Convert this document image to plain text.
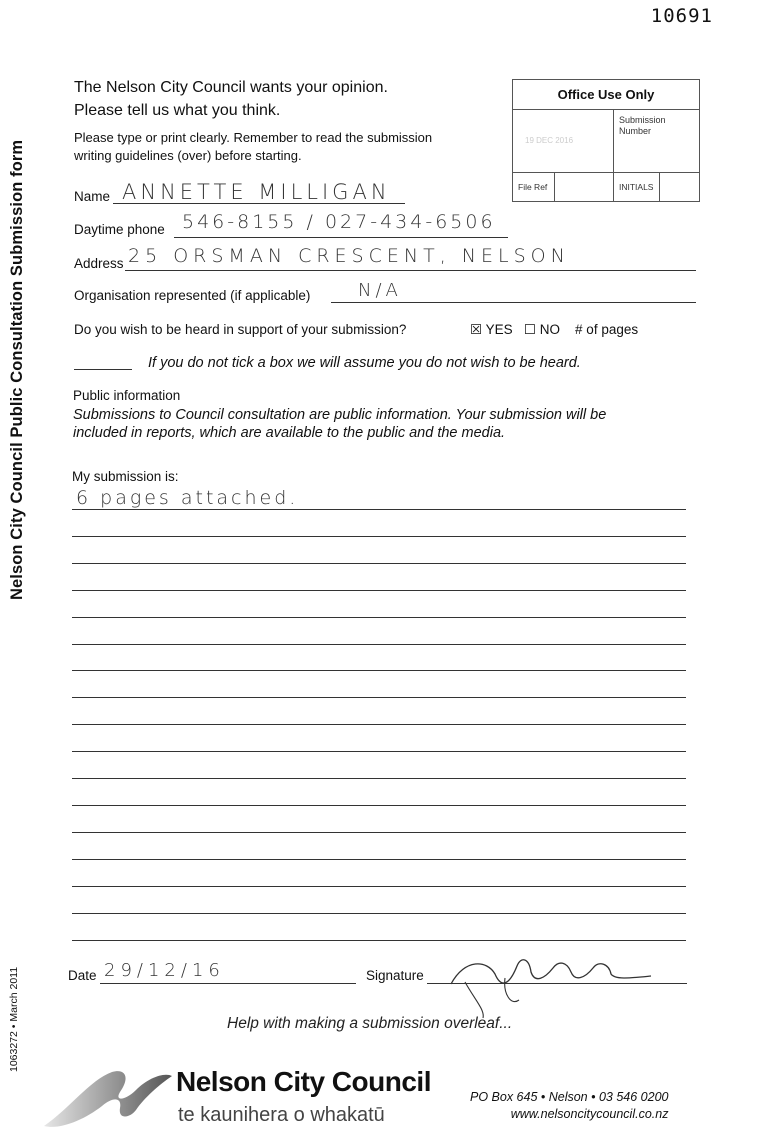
10691
Nelson City Council Public Consultation Submission form
1063272 • March 2011
The Nelson City Council wants your opinion.
Please tell us what you think.
Please type or print clearly. Remember to read the submission
writing guidelines (over) before starting.
Office Use Only
19 DEC 2016
Submission Number
File Ref	INITIALS
Name ANNETTE MILLIGAN
Daytime phone 546-8155 / 027-434-6506
Address 25 ORSMAN CRESCENT, NELSON
Organisation represented (if applicable)	N/A
Do you wish to be heard in support of your submission?	☒ YES ☐ NO # of pages
If you do not tick a box we will assume you do not wish to be heard.
Public information
Submissions to Council consultation are public information. Your submission will be
included in reports, which are available to the public and the media.
My submission is:
6 pages attached.
Date 29/12/16	Signature
Help with making a submission overleaf...
Nelson City Council
te kaunihera o whakatū
PO Box 645 • Nelson • 03 546 0200
www.nelsoncitycouncil.co.nz
